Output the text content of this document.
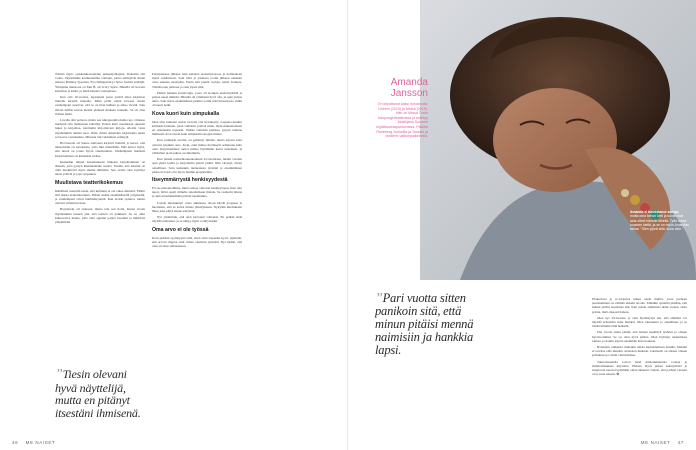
Toimin myös opiskelukavereiden puheenjohtajana. Rakastin sitä roolia. Järjestimme koulussamme voittajia, joissa esiintyivät muun muassa Brittney Spearsin, Eva Dahlgrenin ja Spice Girlsin esittäjät. Ylimpänä muistona on Mel B. eli Scary Spice. Hänellä oli kovasti karismaa ja ääntä, ja minä halusin valokeilaan.

Kun olin 10-vuotias, lapsuuteni paras ystävä alkoi kirjoittaa minulle kirjeitä muualta. Minä pidin niistä kovasti, mutta vanhempani sanoivat, että se on liian kallista ja aikaa vievää. Sain silloin tällöin kuvan meistä yhdessä mukaan tunnelle. Se oli aina iloinen hetki.

Lavalla olin peloton, mutta sen ulkopuolella melko ujo. Omassa mielessä olin melkoinen taiteilija. Ennen kuin osasinkaan oikeasti lukea ja kirjoittaa, kuvittelin kirjoittavani kirjoja. Aloitin vasta myöhemmin tekstin teon. Näin, miten Amandan kirjoittama teksti sai kovaa vastakaikua. Minusta tuli vakituinen esiintyjä.

Hovisanoin eli Sanna Aaltonen kirjoitti minulle ja kertoi, että teksteissäni on kuvauksia, joita luki mielellään. Hän kertoi myös, että niissä on jotain hyvin omalaatuista. Vanhempieni mielestä kirjoittaminen oli kuitenkin turhaa.

Kuitenkin minun kokemukseni mukaan kirjoittaminen on tärkeää, jotta pystyn käsittelemään asioita. Tiedän, että tekstini on ollut merkittävä myös muille ihmisille. Sen avulla olen löytänyt uusia ystäviä ja jopa työpaikan.

Muulistava teatterikokemus

Ikäisilleni sanottiin usein, että kulttuuri ei ole oikea ammatti. Päätin silti hakea teatterikouluun. Pääsin sisään ensimmäisellä yrityksellä, ja vanhempani olivat hämmästyneitä. Kun aloitin opinnot, tunsin olevani viimein kotona.

Harjoittelu oli raskasta, mutta tein sen ilolla. Kuusi vuotta myöhemmin tunnen yhä, että teatteri on paikkani. Se on ollut kiinnostava matka, jolla olen oppinut paljon itsestäni ja ihmisistä ympärilläni.

”Tiesin olevani hyvä näyttelijä, mutta en pitänyt itsestäni ihmisenä.

Perustuskaan jälkeen hain kahteen teatterijaostoon ja kolmanteen myös vakituisesti. Sain töitä ja jokaisen roolin jälkeen uskalsin ottaa askelen eteenpäin. Ensin tein pieniä rooleja, sitten isompia. Tänään teen pääosaa ja olen ylpeä siitä.

Pääsin hakuun Göteborgin, jossa oli isompia teatteriryhmiä ja paljon uusia ihmisiä. Minulla oli ryhmässä hyvä olla, ja opin paljon uutta. Sain myös ensimmäisen pitkän roolini televisiosarjassa, mikä oli suuri hetki.

Kova kuori kuin simpukalla

Olen aina tuntenut suurta tarvetta olla hyväksytty. Lapsena muutin kolmesti kouluun, joten vaihdoin ystäviä usein. Opin mukautumaan eri tilanteisiin nopeasti. Vaikka vaihdoin paikkaa, pysyin samana ihmisenä. Kova kuori kuin simpukalla suojasi minua.

Kun esiinnyin lavalla, en pelännyt mitään, mutta arjessa koin olevani jotenkin outo. Koin, ettei minua hyväksytä sellaisena kuin olen. Kirjoittaminen auttoi minua löytämään itseni uudelleen, ja vähitellen aloin puhua avoimemmin.

Kun pääsin teatterikorkeakouluun 23-vuotiaana, menin vuoden ajan yksin kotiin ja harjoittelin päivät pitkät. Olin väsynyt, mutta onnellinen. Sain kuitenkin tunnustusta työstäni ja ensimmäinen päärooli avasi ovia myös muihin projekteihin.

Itseymmärrystä henkisyydestä

En ole uskonnollinen, mutta uskon vahvasti henkisyyteen. Kun olin nuori, äitini opetti minulle rukoilemaan iltaisin. Se rauhoitti minua ja auttoi käsittelemään päivän tapahtumia.

Löysin mietiskelyn vasta aikuisena. Aloin käydä joogassa ja huomasin, että se auttoi minua jännitykseen. Nykyään mietiskelen lähes joka päivä ennen esityksiä.

Nyt ymmärrän, että olen kasvanut vahvaksi. En pelkää enää näyttää tunteitani, ja se näkyy myös roolityössäni.

Oma arvo ei ole työssä

Koin pitkään syyllisyyttä siitä, etten ollut tarpeeksi hyvä. Ajattelin, että arvoni riippuu siitä, miten onnistun työssäni. Nyt tiedän, että olen arvokas sellaisenaan.

46 ME NAISET	ME NAISET 47
Amanda ei tunnistanut sanoja,
mutta oma kehon kieli ja kuvat ovat aina olleet hänelle lähellä. Tyttö tekee suomen kieltä, ja se on myös Amandan tarina. "Olen ylpeä siitä, kuka olen."
Amanda
Jansson
On kirjoittanut kaksi runoteosta, Uneeni (2015) ja Metsä (2019). Hän on töissä Turun kaupunginteatterissa ja esiintyy kirjailijana Suomen kirjallisuustapahtumissa. Palkittu Runeberg Juniorilla ja Tanssin ja teatterin valtionpalkinnolla.
”Pari vuotta sitten panikoin sitä, että minun pitäisi mennä naimisiin ja hankkia lapsi.

Elokuvissa ja tv-sarjoissa näkee usein mallin, jossa perheen perustaminen on elämän tärkein tavoite. Minäkin ajattelin pitkään, että minun pitäisi noudattaa sitä. Kun tunsin ahdistusta ikäni vuoksi, aloin pohtia, mitä oikeasti haluan.

Olen nyt 34-vuotias, ja olen hyväksynyt sen, että elämäni voi näyttää erilaiselta kuin muiden. Olen rakastunut ja onnellinen, ja se riittää minulle tällä hetkellä.

Pari vuotta sitten päätin, että haluan keskittyä työhöni ja omaan hyvinvointiini. Se on ollut hyvä päätös. Olen löytänyt uudenlaista rauhaa, ja nautin arjesta enemmän kuin koskaan.

Haluaisin rohkaista muitakin naisia kuuntelemaan itseään. Meidän ei tarvitse elää muiden odotusten mukaan. Jokaisella on oikeus omaan polkuunsa ja omiin valintoihinsa.

Tulevaisuudelta toivon lisää mielenkiintoisia rooleja ja mahdollisuuksia kirjoittaa. Haluan myös jatkaa esiintymistä ja inspiroida nuoria löytämään oman äänensä. Uskon, että parhaat vuoteni ovat vasta edessä. ✿
